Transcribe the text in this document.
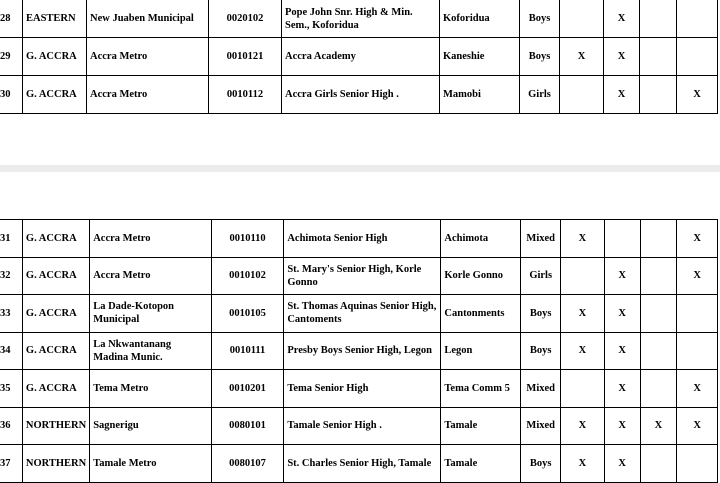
28	EASTERN	New Juaben Municipal	0020102	Pope John Snr. High & Min. Sem., Koforidua	Koforidua	Boys		X		
29	G. ACCRA	Accra Metro	0010121	Accra Academy	Kaneshie	Boys	X	X		
30	G. ACCRA	Accra Metro	0010112	Accra Girls Senior High .	Mamobi	Girls		X		X
31	G. ACCRA	Accra Metro	0010110	Achimota Senior High	Achimota	Mixed	X			X
32	G. ACCRA	Accra Metro	0010102	St. Mary's Senior High, Korle Gonno	Korle Gonno	Girls		X		X
33	G. ACCRA	La Dade-Kotopon Municipal	0010105	St. Thomas Aquinas Senior High, Cantoments	Cantonments	Boys	X	X		
34	G. ACCRA	La Nkwantanang Madina Munic.	0010111	Presby Boys Senior High, Legon	Legon	Boys	X	X		
35	G. ACCRA	Tema Metro	0010201	Tema Senior High	Tema Comm 5	Mixed		X		X
36	NORTHERN	Sagnerigu	0080101	Tamale Senior High .	Tamale	Mixed	X	X	X	X
37	NORTHERN	Tamale Metro	0080107	St. Charles Senior High, Tamale	Tamale	Boys	X	X		
